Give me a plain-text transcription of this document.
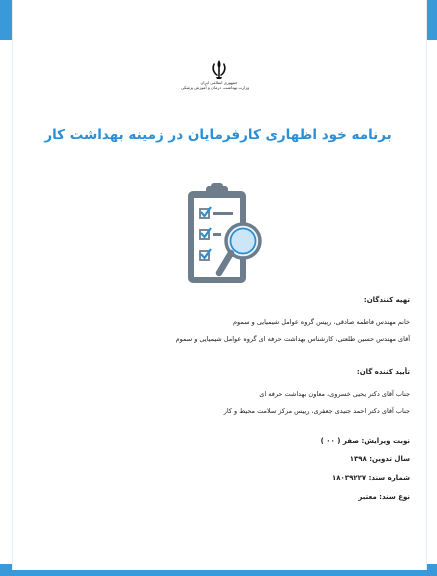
جمهوری اسلامی ایران
وزارت بهداشت، درمان و آموزش پزشکی
برنامه خود اظهاری کارفرمایان در زمینه بهداشت کار
تهیه کنندگان:
خانم مهندس فاطمه صادقی، رییس گروه عوامل شیمیایی و سموم
آقای مهندس حسین طلعتی، کارشناس بهداشت حرفه ای گروه عوامل شیمیایی و سموم
تأیید کننده گان:
جناب آقای دکتر یحیی خسروی، معاون بهداشت حرفه ای
جناب آقای دکتر احمد جنیدی جعفری، رییس مرکز سلامت محیط و کار
نوبت ویرایش: صفر ( ۰۰ )
سال تدوین: ۱۳۹۸
شماره سند: ۱۸۰۳۹۲۲۷
نوع سند: معتبر
